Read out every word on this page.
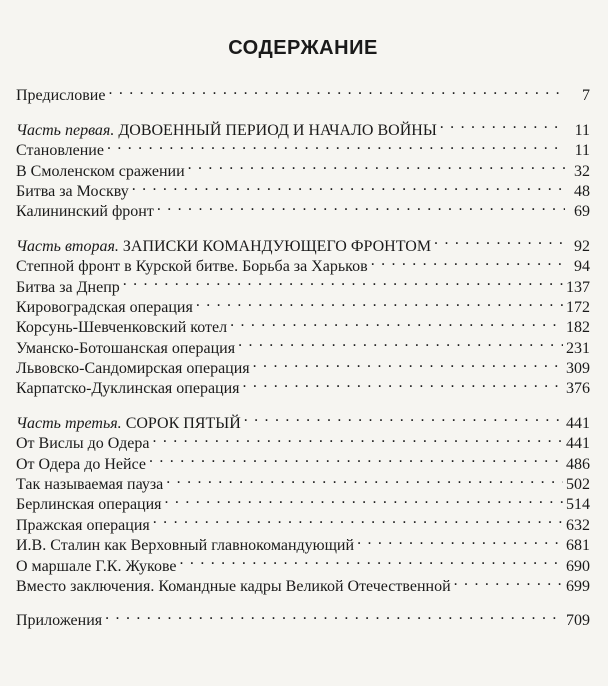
СОДЕРЖАНИЕ
Предисловие . . .	7
Часть первая. ДОВОЕННЫЙ ПЕРИОД И НАЧАЛО ВОЙНЫ . . .	11
Становление . . .	11
В Смоленском сражении . . .	32
Битва за Москву . . .	48
Калининский фронт . . .	69
Часть вторая. ЗАПИСКИ КОМАНДУЮЩЕГО ФРОНТОМ . . .	92
Степной фронт в Курской битве. Борьба за Харьков . . .	94
Битва за Днепр . . .	137
Кировоградская операция . . .	172
Корсунь-Шевченковский котел . . .	182
Уманско-Ботошанская операция . . .	231
Львовско-Сандомирская операция . . .	309
Карпатско-Дуклинская операция . . .	376
Часть третья. СОРОК ПЯТЫЙ . . .	441
От Вислы до Одера . . .	441
От Одера до Нейсе . . .	486
Так называемая пауза . . .	502
Берлинская операция . . .	514
Пражская операция . . .	632
И.В. Сталин как Верховный главнокомандующий . . .	681
О маршале Г.К. Жукове . . .	690
Вместо заключения. Командные кадры Великой Отечественной . . .	699
Приложения . . .	709
